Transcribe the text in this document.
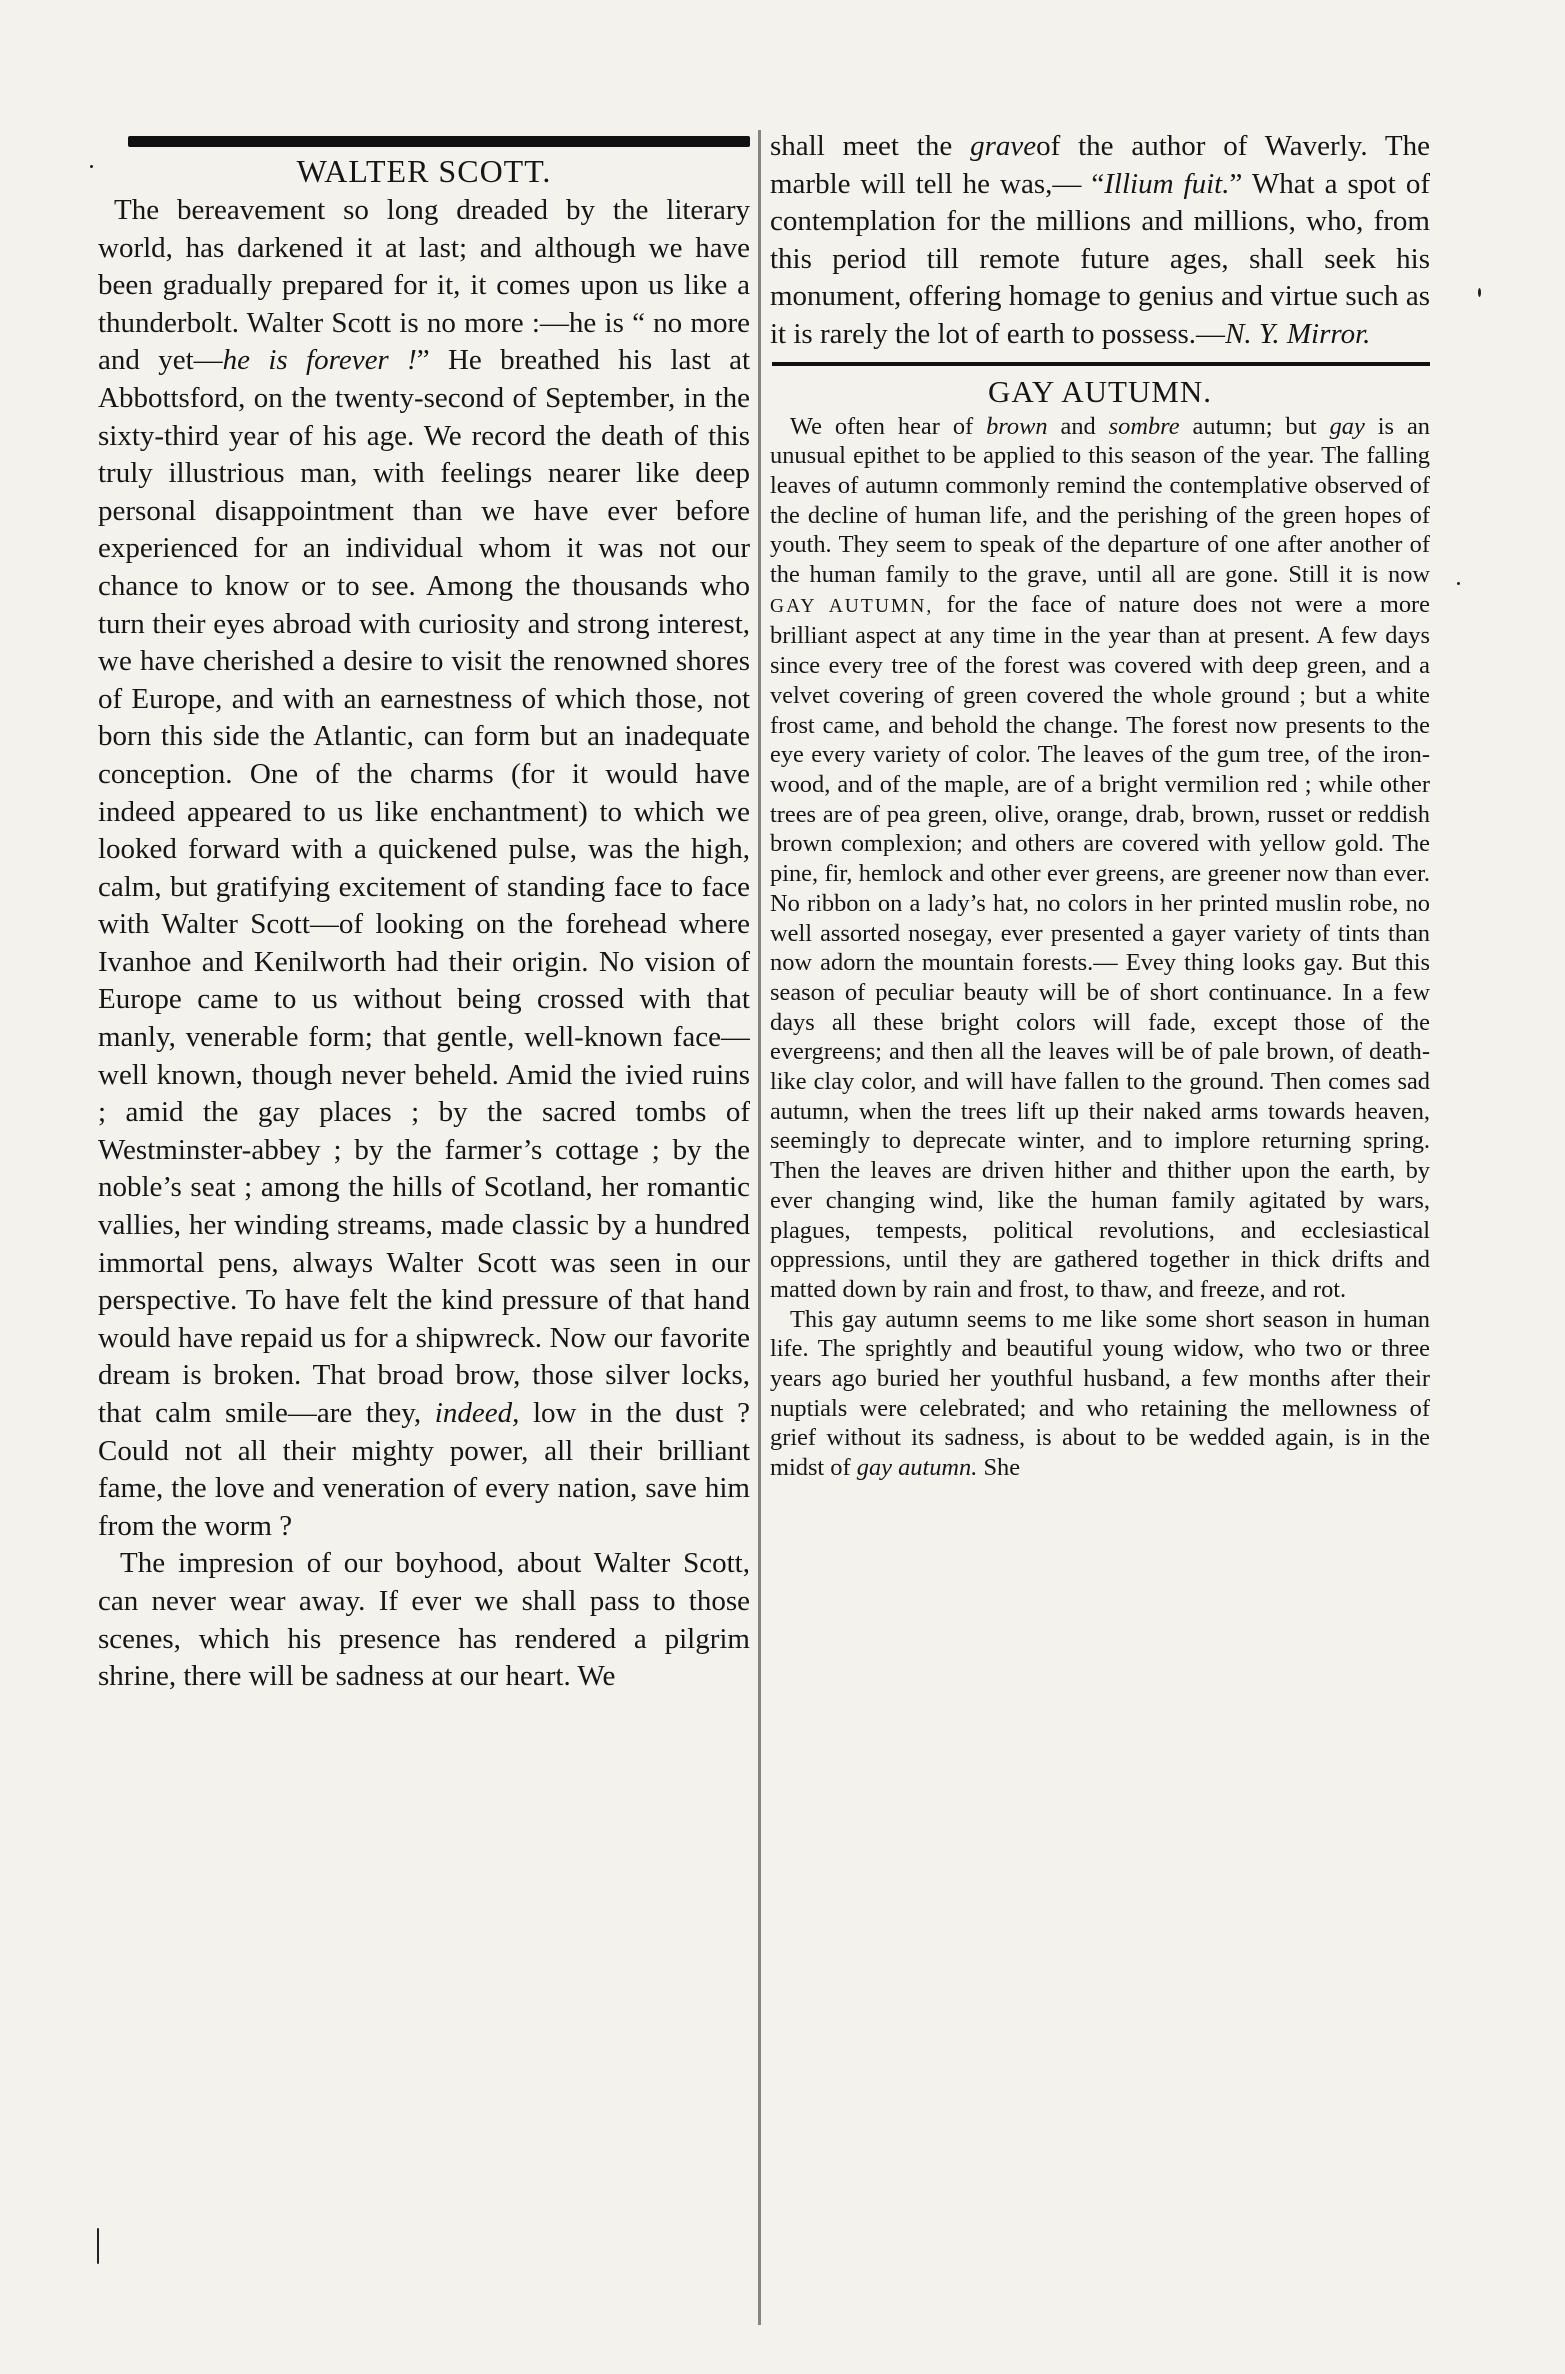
WALTER SCOTT.

The bereavement so long dreaded by the literary world, has darkened it at last; and although we have been gradually prepared for it, it comes upon us like a thunderbolt. Walter Scott is no more :—he is “ no more and yet—he is forever !” He breathed his last at Abbottsford, on the twenty-second of September, in the sixty-third year of his age. We record the death of this truly illustrious man, with feelings nearer like deep personal disappointment than we have ever before experienced for an individual whom it was not our chance to know or to see. Among the thousands who turn their eyes abroad with curiosity and strong interest, we have cherished a desire to visit the renowned shores of Europe, and with an earnestness of which those, not born this side the Atlantic, can form but an inadequate conception. One of the charms (for it would have indeed appeared to us like enchantment) to which we looked forward with a quickened pulse, was the high, calm, but gratifying excitement of standing face to face with Walter Scott—of looking on the forehead where Ivanhoe and Kenilworth had their origin. No vision of Europe came to us without being crossed with that manly, venerable form; that gentle, well-known face—well known, though never beheld. Amid the ivied ruins ; amid the gay places ; by the sacred tombs of Westminster-abbey ; by the farmer’s cottage ; by the noble’s seat ; among the hills of Scotland, her romantic vallies, her winding streams, made classic by a hundred immortal pens, always Walter Scott was seen in our perspective. To have felt the kind pressure of that hand would have repaid us for a shipwreck. Now our favorite dream is broken. That broad brow, those silver locks, that calm smile—are they, indeed, low in the dust ? Could not all their mighty power, all their brilliant fame, the love and veneration of every nation, save him from the worm ?

The impresion of our boyhood, about Walter Scott, can never wear away. If ever we shall pass to those scenes, which his presence has rendered a pilgrim shrine, there will be sadness at our heart. We

shall meet the graveof the author of Waverly. The marble will tell he was,— “Illium fuit.” What a spot of contemplation for the millions and millions, who, from this period till remote future ages, shall seek his monument, offering homage to genius and virtue such as it is rarely the lot of earth to possess.—N. Y. Mirror.

GAY AUTUMN.

We often hear of brown and sombre autumn; but gay is an unusual epithet to be applied to this season of the year. The falling leaves of autumn commonly remind the contemplative observed of the decline of human life, and the perishing of the green hopes of youth. They seem to speak of the departure of one after another of the human family to the grave, until all are gone. Still it is now GAY AUTUMN, for the face of nature does not were a more brilliant aspect at any time in the year than at present. A few days since every tree of the forest was covered with deep green, and a velvet covering of green covered the whole ground ; but a white frost came, and behold the change. The forest now presents to the eye every variety of color. The leaves of the gum tree, of the iron-wood, and of the maple, are of a bright vermilion red ; while other trees are of pea green, olive, orange, drab, brown, russet or reddish brown complexion; and others are covered with yellow gold. The pine, fir, hemlock and other ever greens, are greener now than ever. No ribbon on a lady’s hat, no colors in her printed muslin robe, no well assorted nosegay, ever presented a gayer variety of tints than now adorn the mountain forests.— Evey thing looks gay. But this season of peculiar beauty will be of short continuance. In a few days all these bright colors will fade, except those of the evergreens; and then all the leaves will be of pale brown, of death-like clay color, and will have fallen to the ground. Then comes sad autumn, when the trees lift up their naked arms towards heaven, seemingly to deprecate winter, and to implore returning spring. Then the leaves are driven hither and thither upon the earth, by ever changing wind, like the human family agitated by wars, plagues, tempests, political revolutions, and ecclesiastical oppressions, until they are gathered together in thick drifts and matted down by rain and frost, to thaw, and freeze, and rot.

This gay autumn seems to me like some short season in human life. The sprightly and beautiful young widow, who two or three years ago buried her youthful husband, a few months after their nuptials were celebrated; and who retaining the mellowness of grief without its sadness, is about to be wedded again, is in the midst of gay autumn. She
